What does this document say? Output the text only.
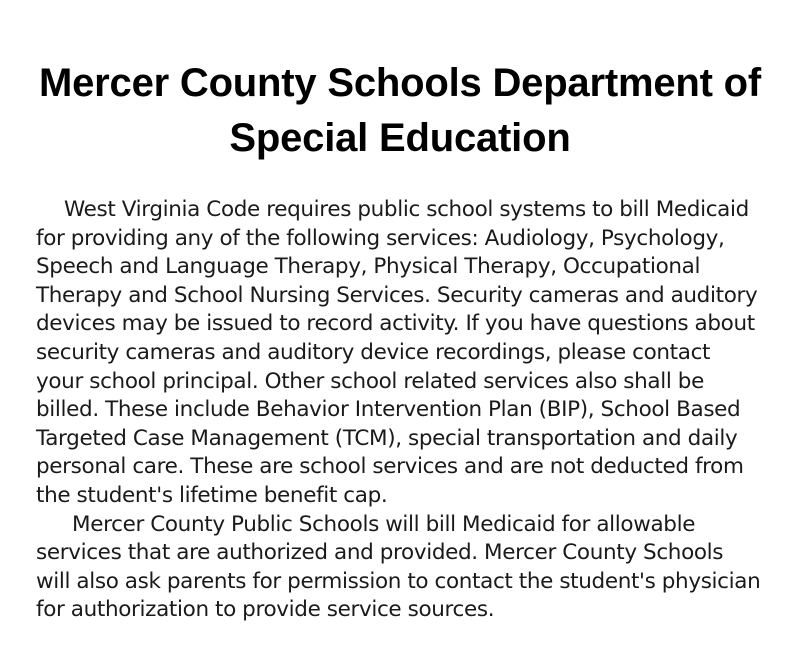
Mercer County Schools Department of Special Education

West Virginia Code requires public school systems to bill Medicaid for providing any of the following services: Audiology, Psychology, Speech and Language Therapy, Physical Therapy, Occupational Therapy and School Nursing Services. Security cameras and auditory devices may be issued to record activity. If you have questions about security cameras and auditory device recordings, please contact your school principal. Other school related services also shall be billed. These include Behavior Intervention Plan (BIP), School Based Targeted Case Management (TCM), special transportation and daily personal care. These are school services and are not deducted from the student's lifetime benefit cap.

Mercer County Public Schools will bill Medicaid for allowable services that are authorized and provided. Mercer County Schools will also ask parents for permission to contact the student's physician for authorization to provide service sources.
